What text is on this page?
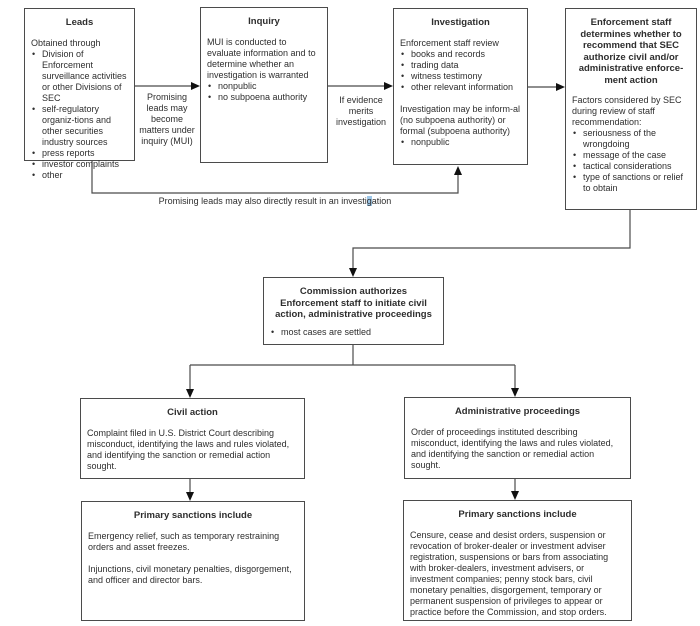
Leads
Obtained through
• Division of Enforcement surveillance activities or other Divisions of SEC
• self-regulatory organiz-tions and other securities industry sources
• press reports
• investor complaints
• other
Promising leads may become matters under inquiry (MUI)
Inquiry
MUI is conducted to evaluate information and to determine whether an investigation is warranted
• nonpublic
• no subpoena authority	If evidence merits investigation
Investigation
Enforcement staff review
• books and records
• trading data
• witness testimony
• other relevant information
Investigation may be inform-al (no subpoena authority) or formal (subpoena authority)
• nonpublic
Enforcement staff determines whether to recommend that SEC authorize civil and/or administrative enforce-ment action
Factors considered by SEC during review of staff recommendation:
• seriousness of the wrongdoing
• message of the case
• tactical considerations
• type of sanctions or relief to obtain
Promising leads may also directly result in an investigation
Commission authorizes Enforcement staff to initiate civil action, administrative proceedings
• most cases are settled
Civil action
Complaint filed in U.S. District Court describing misconduct, identifying the laws and rules violated, and identifying the sanction or remedial action sought.
Administrative proceedings
Order of proceedings instituted describing misconduct, identifying the laws and rules violated, and identifying the sanction or remedial action sought.
Primary sanctions include
Emergency relief, such as temporary restraining orders and asset freezes.
Injunctions, civil monetary penalties, disgorgement, and officer and director bars.
Primary sanctions include
Censure, cease and desist orders, suspension or revocation of broker-dealer or investment adviser registration, suspensions or bars from associating with broker-dealers, investment advisers, or investment companies; penny stock bars, civil monetary penalties, disgorgement, temporary or permanent suspension of privileges to appear or practice before the Commission, and stop orders.
